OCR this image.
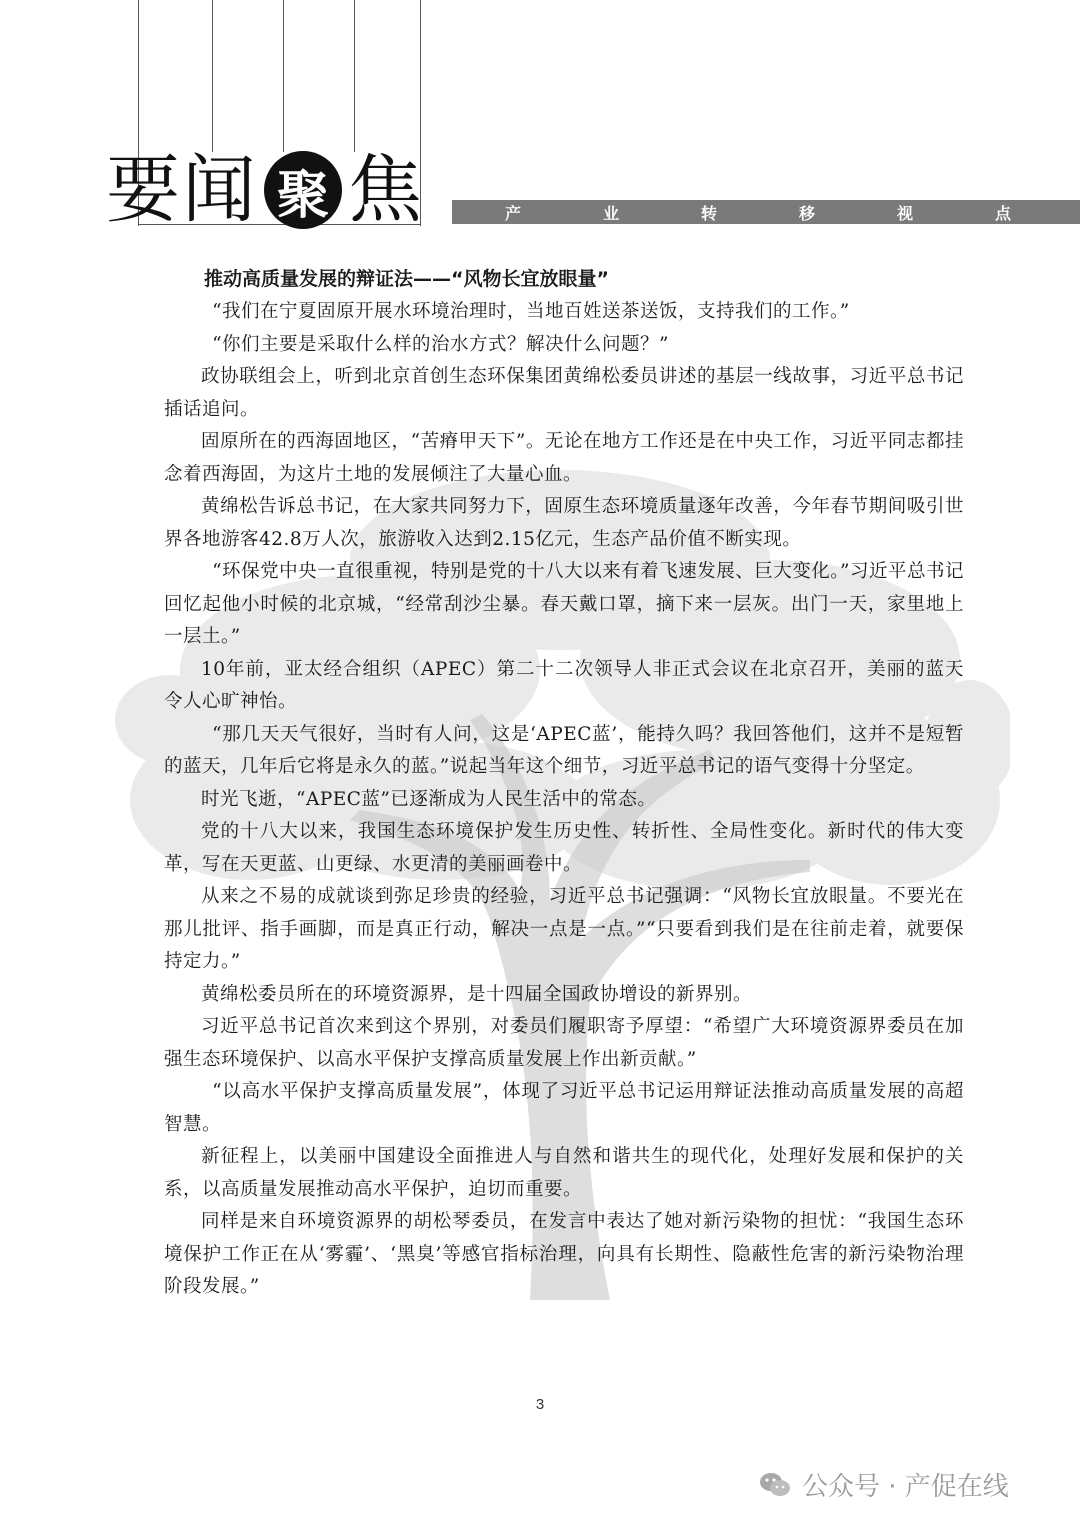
要 闻 聚 焦	产	业	转	移	视	点
推动高质量发展的辩证法——“风物长宜放眼量”

“我们在宁夏固原开展水环境治理时，当地百姓送茶送饭，支持我们的工作。”

“你们主要是采取什么样的治水方式？解决什么问题？”

政协联组会上，听到北京首创生态环保集团黄绵松委员讲述的基层一线故事，习近平总书记插话追问。

固原所在的西海固地区，“苦瘠甲天下”。无论在地方工作还是在中央工作，习近平同志都挂念着西海固，为这片土地的发展倾注了大量心血。

黄绵松告诉总书记，在大家共同努力下，固原生态环境质量逐年改善，今年春节期间吸引世界各地游客42.8万人次，旅游收入达到2.15亿元，生态产品价值不断实现。

“环保党中央一直很重视，特别是党的十八大以来有着飞速发展、巨大变化。”习近平总书记回忆起他小时候的北京城，“经常刮沙尘暴。春天戴口罩，摘下来一层灰。出门一天，家里地上一层土。”

10年前，亚太经合组织（APEC）第二十二次领导人非正式会议在北京召开，美丽的蓝天令人心旷神怡。

“那几天天气很好，当时有人问，这是‘APEC蓝’，能持久吗？我回答他们，这并不是短暂的蓝天，几年后它将是永久的蓝。”说起当年这个细节，习近平总书记的语气变得十分坚定。

时光飞逝，“APEC蓝”已逐渐成为人民生活中的常态。

党的十八大以来，我国生态环境保护发生历史性、转折性、全局性变化。新时代的伟大变革，写在天更蓝、山更绿、水更清的美丽画卷中。

从来之不易的成就谈到弥足珍贵的经验，习近平总书记强调：“风物长宜放眼量。不要光在那儿批评、指手画脚，而是真正行动，解决一点是一点。”“只要看到我们是在往前走着，就要保持定力。”

黄绵松委员所在的环境资源界，是十四届全国政协增设的新界别。

习近平总书记首次来到这个界别，对委员们履职寄予厚望：“希望广大环境资源界委员在加强生态环境保护、以高水平保护支撑高质量发展上作出新贡献。”

“以高水平保护支撑高质量发展”，体现了习近平总书记运用辩证法推动高质量发展的高超智慧。

新征程上，以美丽中国建设全面推进人与自然和谐共生的现代化，处理好发展和保护的关系，以高质量发展推动高水平保护，迫切而重要。

同样是来自环境资源界的胡松琴委员，在发言中表达了她对新污染物的担忧：“我国生态环境保护工作正在从‘雾霾’、‘黑臭’等感官指标治理，向具有长期性、隐蔽性危害的新污染物治理阶段发展。”

3
公众号 · 产促在线
